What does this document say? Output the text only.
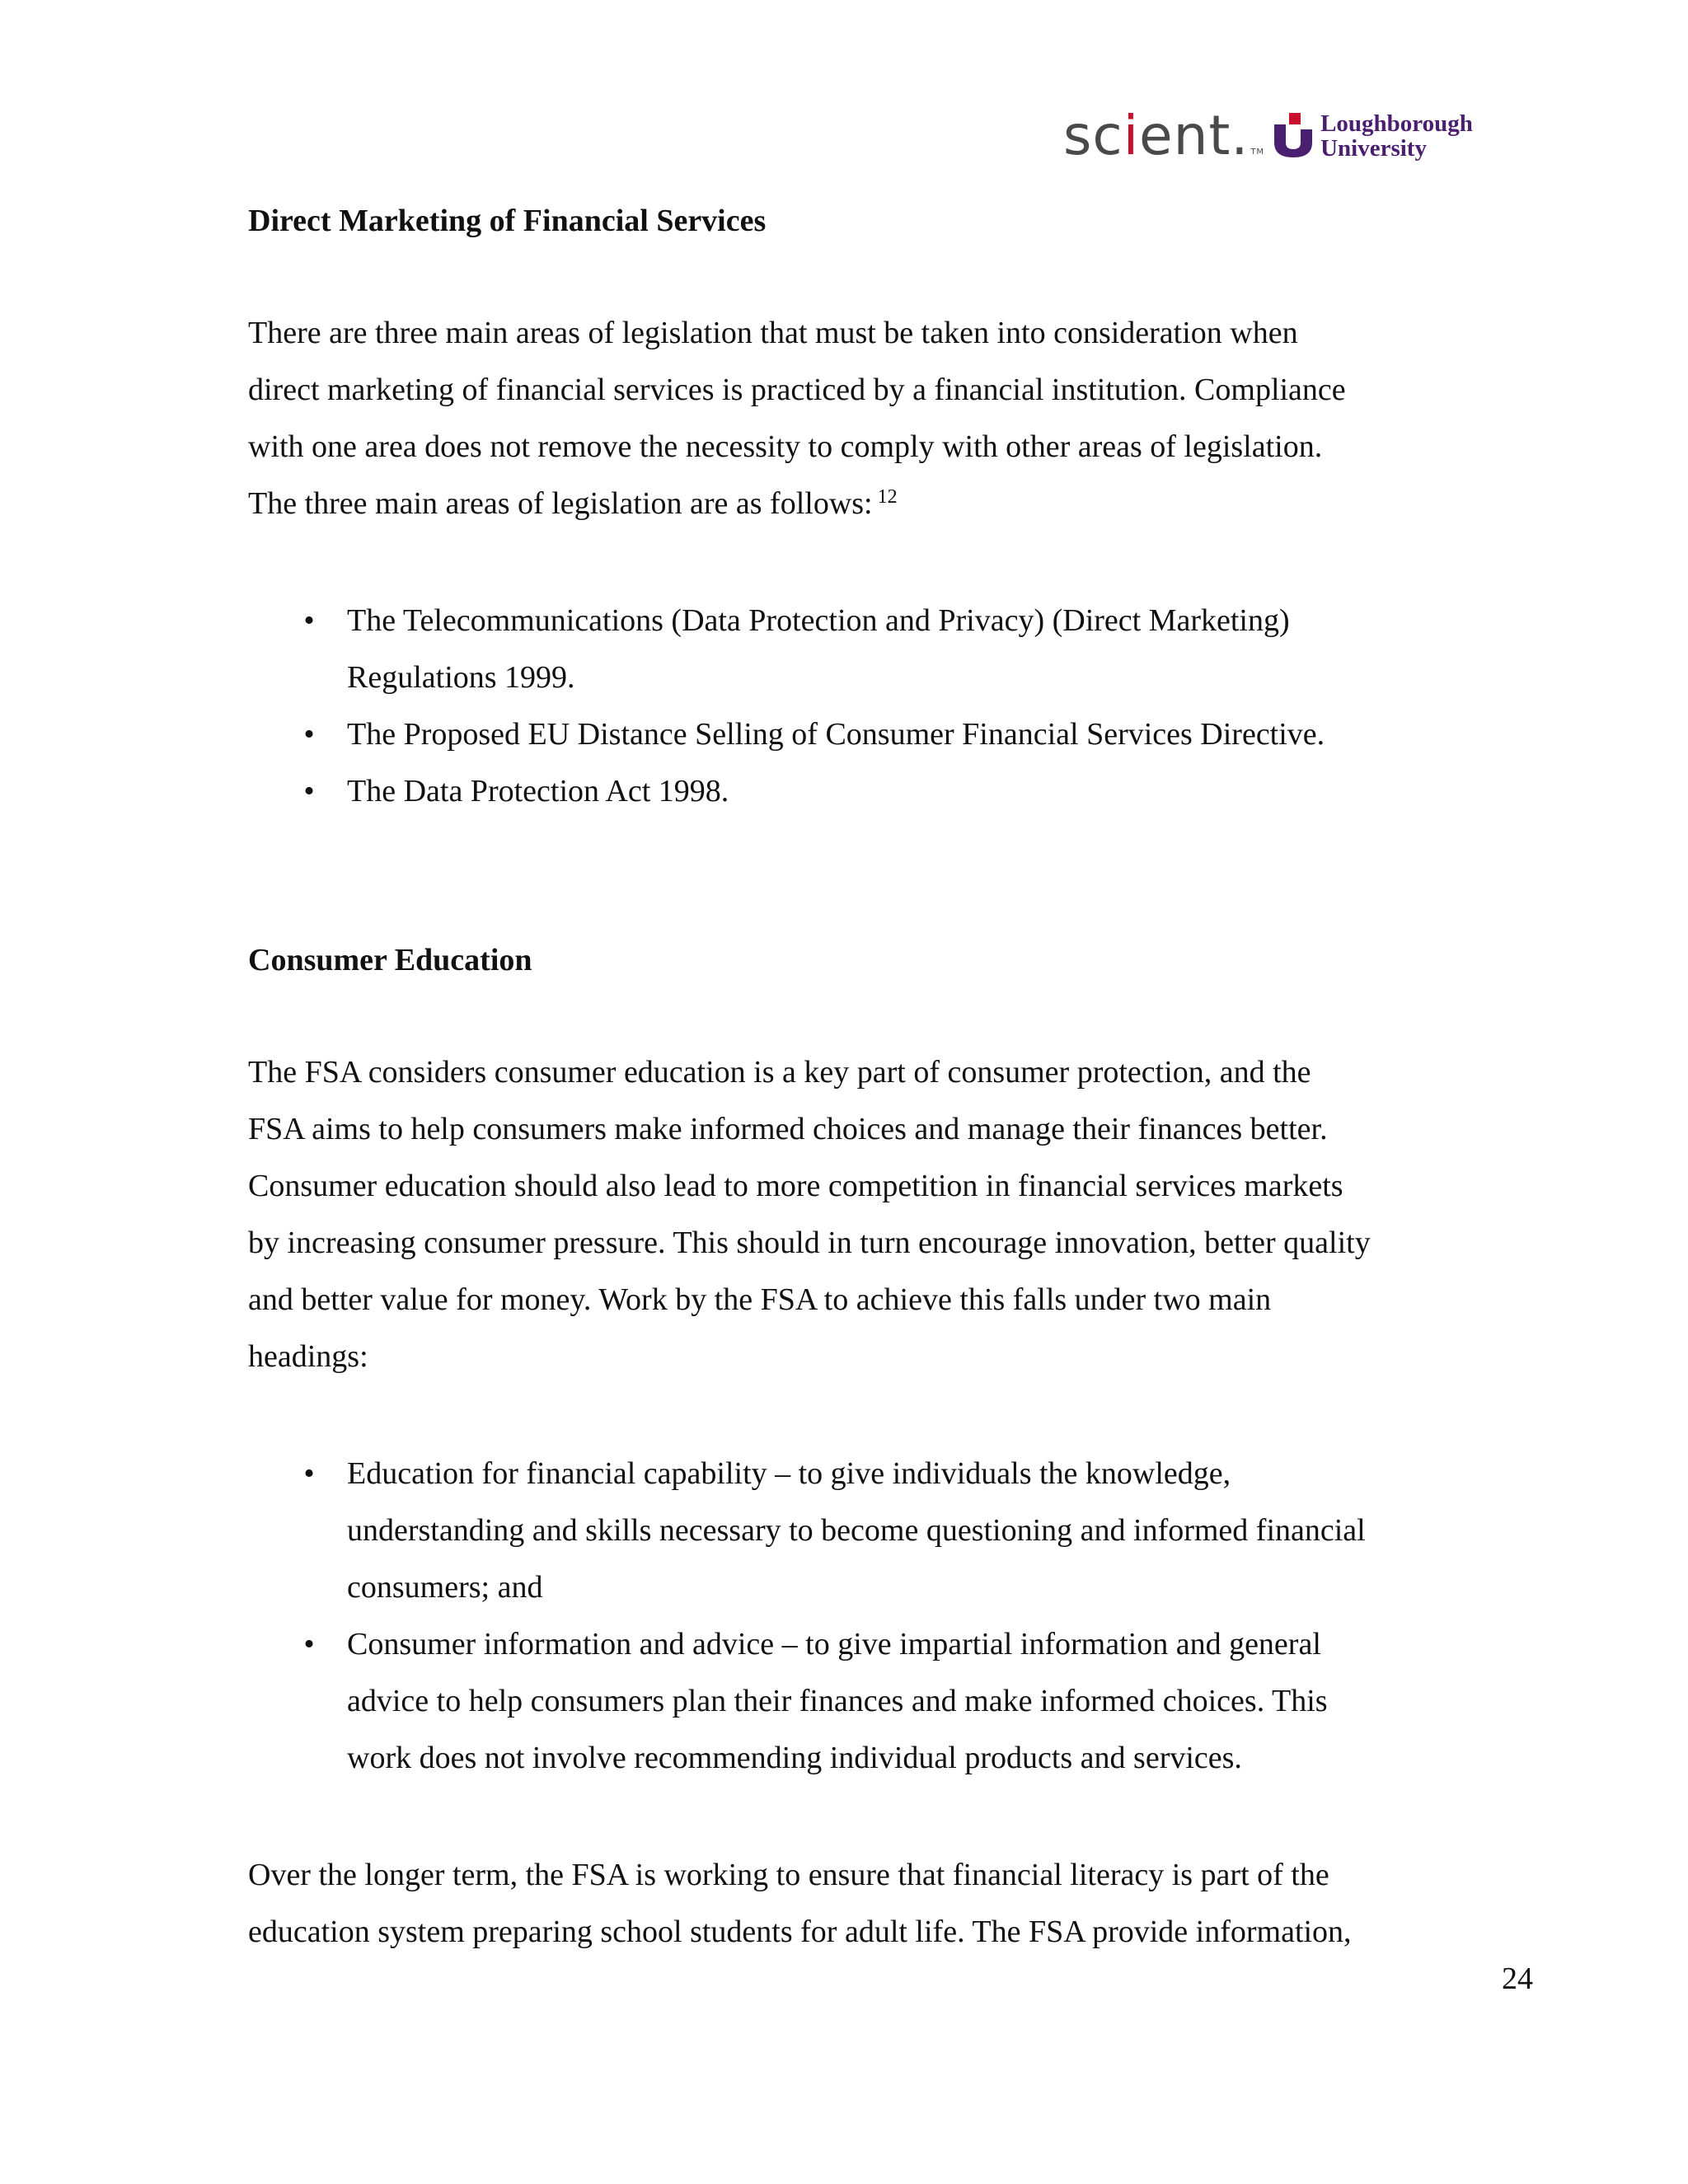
scient. TM
Loughborough
University
Direct Marketing of Financial Services

There are three main areas of legislation that must be taken into consideration when

direct marketing of financial services is practiced by a financial institution. Compliance

with one area does not remove the necessity to comply with other areas of legislation.

The three main areas of legislation are as follows: $^{12}$

• The Telecommunications (Data Protection and Privacy) (Direct Marketing)

Regulations 1999.

• The Proposed EU Distance Selling of Consumer Financial Services Directive.

• The Data Protection Act 1998.

Consumer Education

The FSA considers consumer education is a key part of consumer protection, and the

FSA aims to help consumers make informed choices and manage their finances better.

Consumer education should also lead to more competition in financial services markets

by increasing consumer pressure. This should in turn encourage innovation, better quality

and better value for money. Work by the FSA to achieve this falls under two main

headings:

• Education for financial capability – to give individuals the knowledge,

understanding and skills necessary to become questioning and informed financial

consumers; and

• Consumer information and advice – to give impartial information and general

advice to help consumers plan their finances and make informed choices. This

work does not involve recommending individual products and services.

Over the longer term, the FSA is working to ensure that financial literacy is part of the

education system preparing school students for adult life. The FSA provide information,

24
